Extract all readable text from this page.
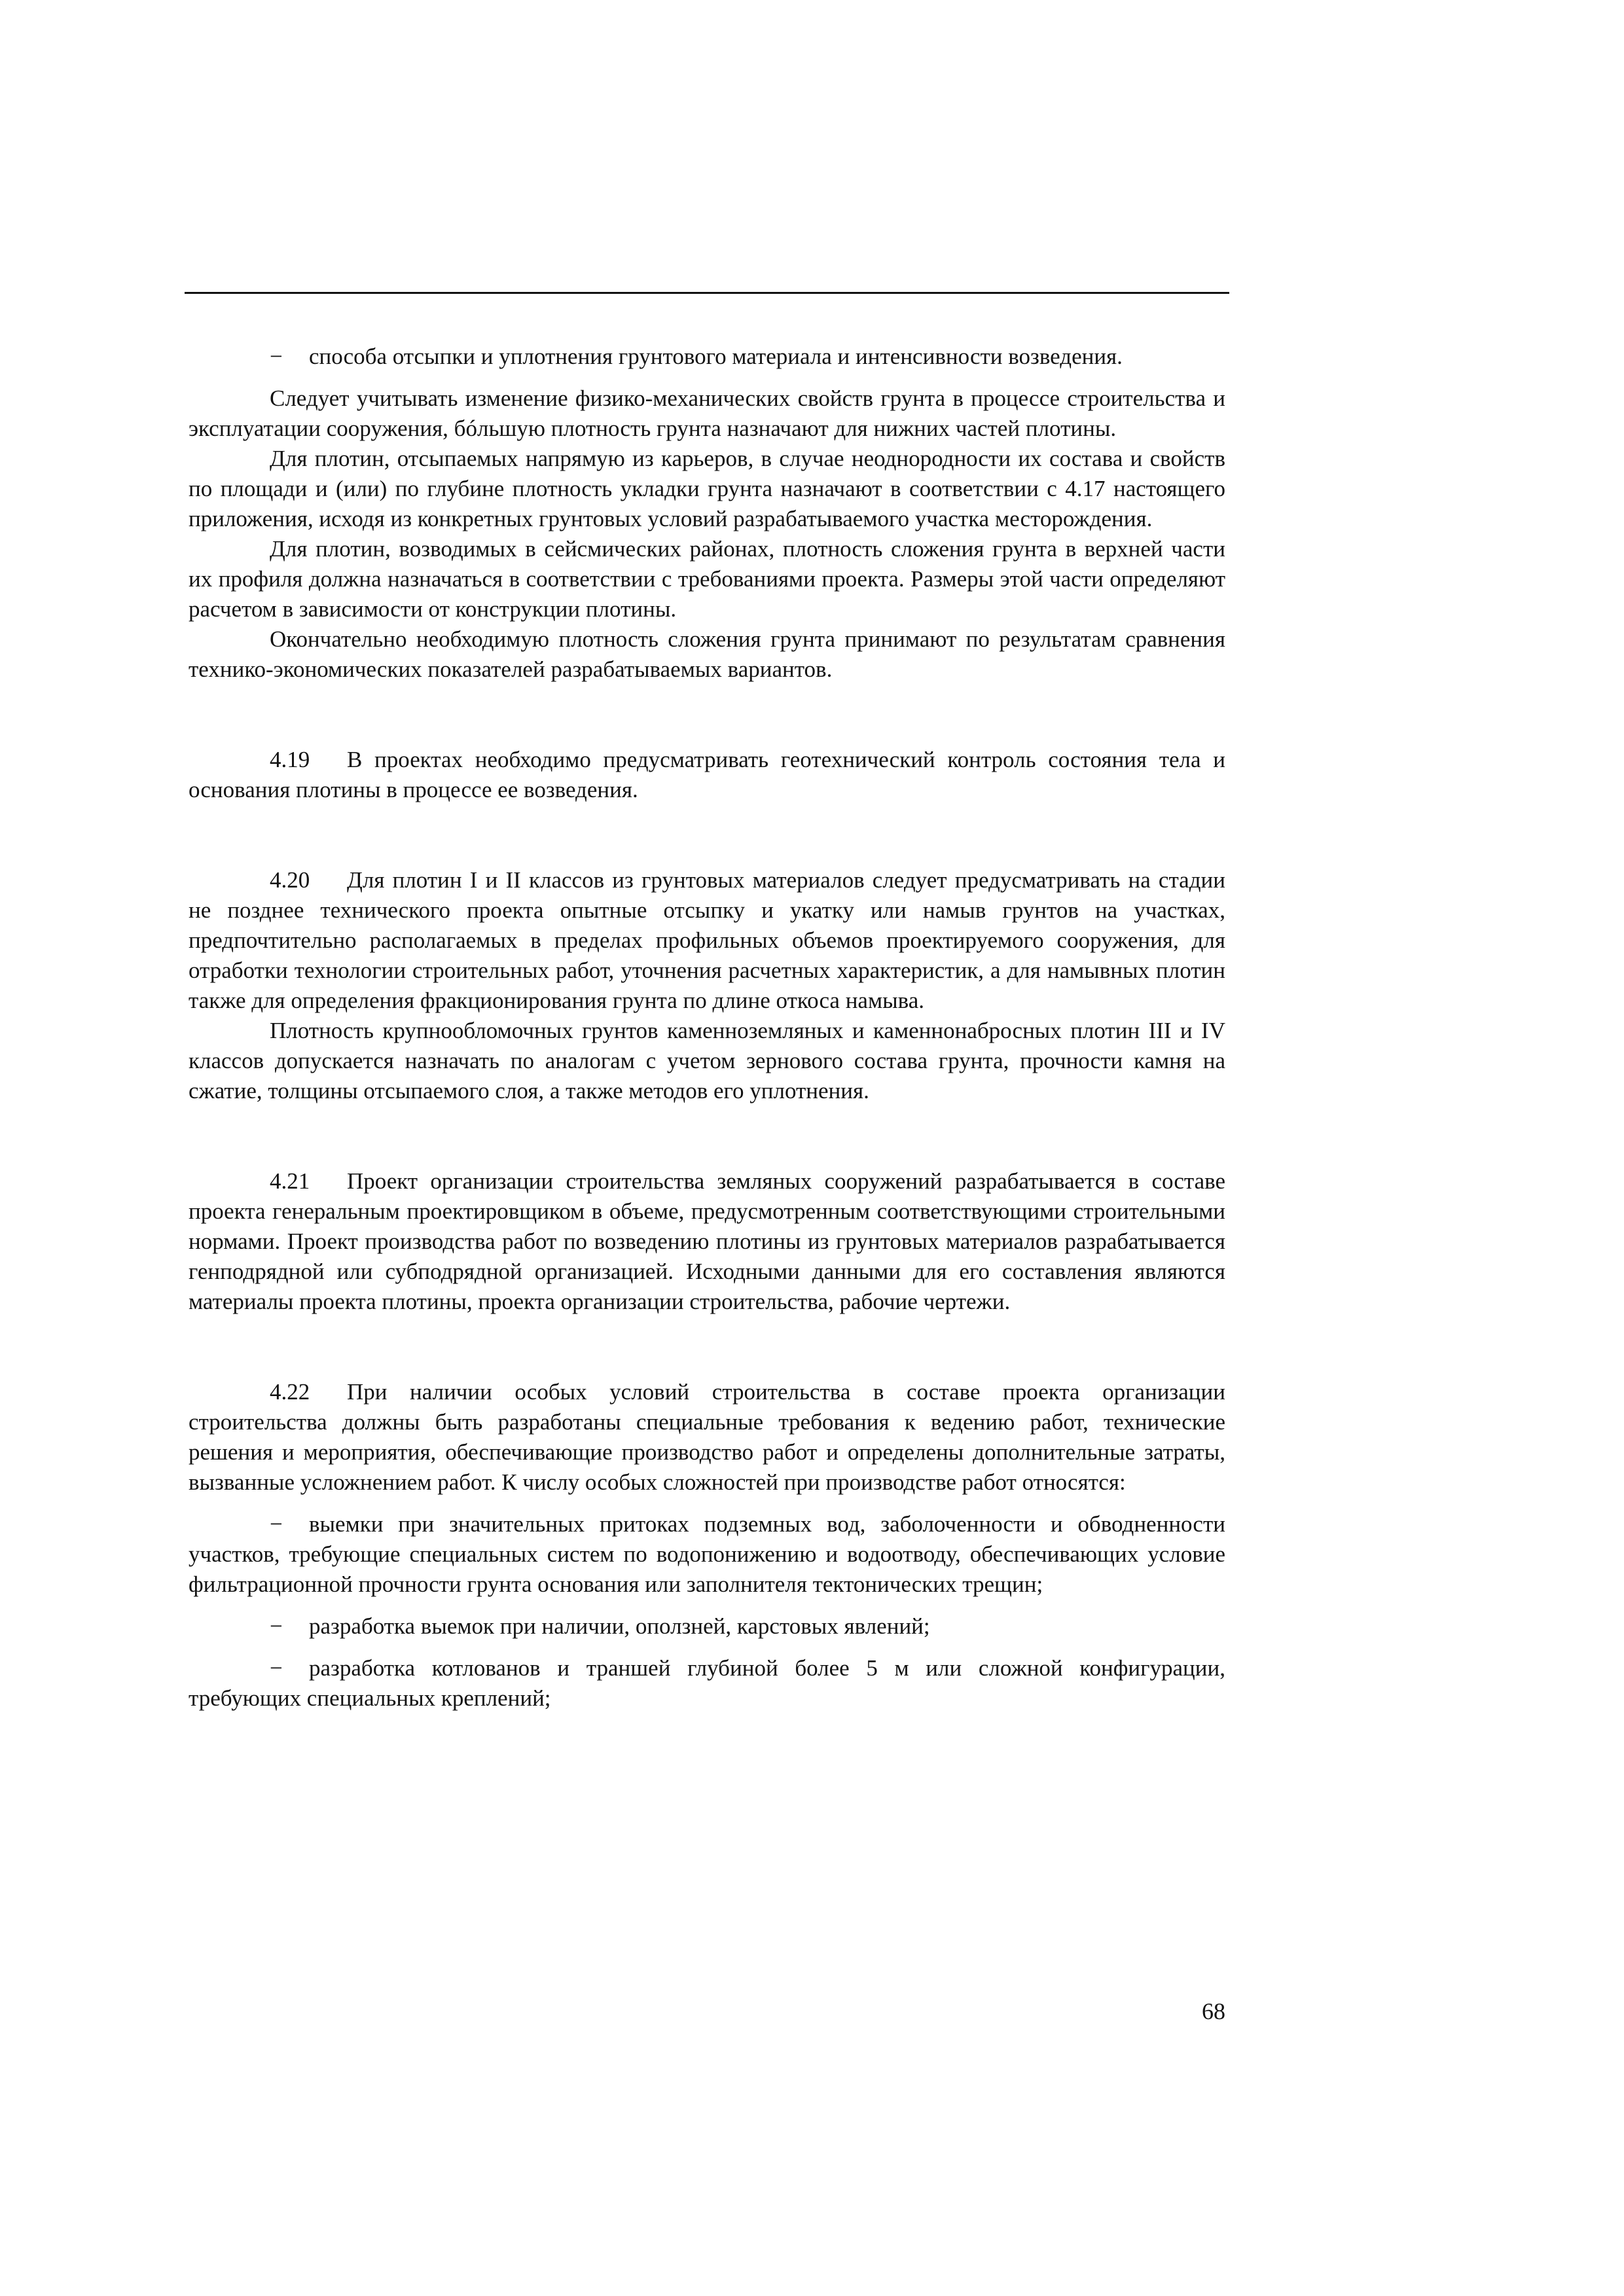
− способа отсыпки и уплотнения грунтового материала и интенсивности возведения.

Следует учитывать изменение физико-механических свойств грунта в процессе строительства и эксплуатации сооружения, бóльшую плотность грунта назначают для нижних частей плотины.

Для плотин, отсыпаемых напрямую из карьеров, в случае неоднородности их состава и свойств по площади и (или) по глубине плотность укладки грунта назначают в соответствии с 4.17 настоящего приложения, исходя из конкретных грунтовых условий разрабатываемого участка месторождения.

Для плотин, возводимых в сейсмических районах, плотность сложения грунта в верхней части их профиля должна назначаться в соответствии с требованиями проекта. Размеры этой части определяют расчетом в зависимости от конструкции плотины.

Окончательно необходимую плотность сложения грунта принимают по результатам сравнения технико-экономических показателей разрабатываемых вариантов.

4.19 В проектах необходимо предусматривать геотехнический контроль состояния тела и основания плотины в процессе ее возведения.

4.20 Для плотин I и II классов из грунтовых материалов следует предусматривать на стадии не позднее технического проекта опытные отсыпку и укатку или намыв грунтов на участках, предпочтительно располагаемых в пределах профильных объемов проектируемого сооружения, для отработки технологии строительных работ, уточнения расчетных характеристик, а для намывных плотин также для определения фракционирования грунта по длине откоса намыва.

Плотность крупнообломочных грунтов каменноземляных и каменнонабросных плотин III и IV классов допускается назначать по аналогам с учетом зернового состава грунта, прочности камня на сжатие, толщины отсыпаемого слоя, а также методов его уплотнения.

4.21 Проект организации строительства земляных сооружений разрабатывается в составе проекта генеральным проектировщиком в объеме, предусмотренным соответствующими строительными нормами. Проект производства работ по возведению плотины из грунтовых материалов разрабатывается генподрядной или субподрядной организацией. Исходными данными для его составления являются материалы проекта плотины, проекта организации строительства, рабочие чертежи.

4.22 При наличии особых условий строительства в составе проекта организации строительства должны быть разработаны специальные требования к ведению работ, технические решения и мероприятия, обеспечивающие производство работ и определены дополнительные затраты, вызванные усложнением работ. К числу особых сложностей при производстве работ относятся:

− выемки при значительных притоках подземных вод, заболоченности и обводненности участков, требующие специальных систем по водопонижению и водоотводу, обеспечивающих условие фильтрационной прочности грунта основания или заполнителя тектонических трещин;

− разработка выемок при наличии, оползней, карстовых явлений;

− разработка котлованов и траншей глубиной более 5 м или сложной конфигурации, требующих специальных креплений;

68
